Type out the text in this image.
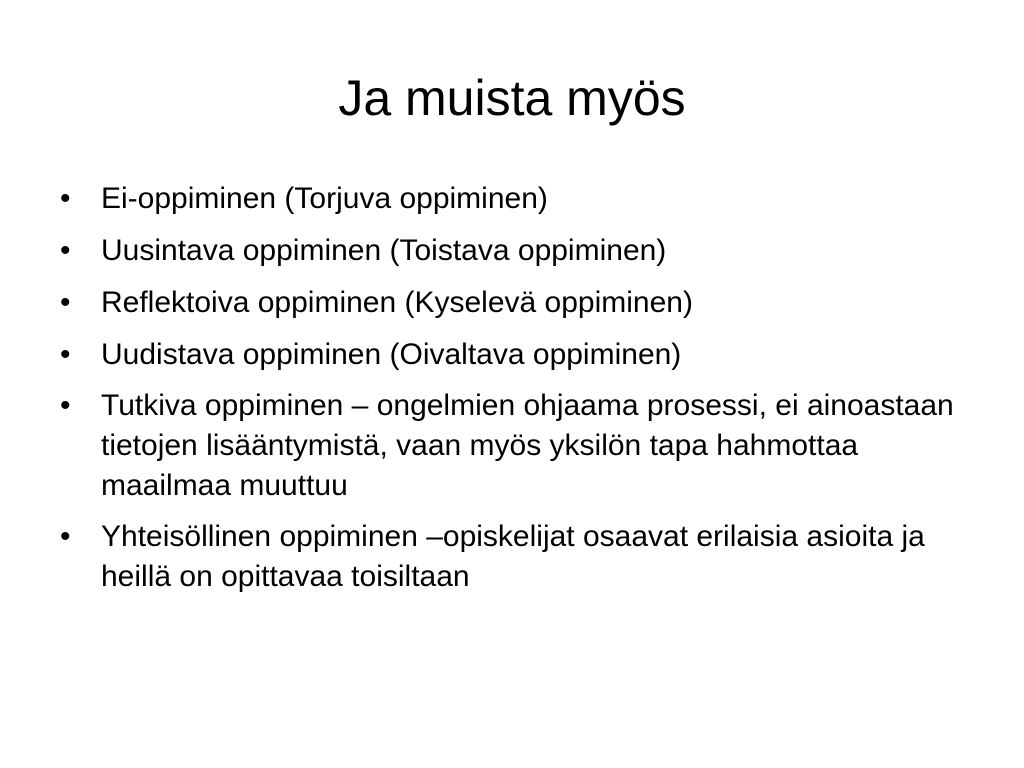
Ja muista myös
•	Ei-oppiminen (Torjuva oppiminen)
•	Uusintava oppiminen (Toistava oppiminen)
•	Reflektoiva oppiminen (Kyselevä oppiminen)
•	Uudistava oppiminen (Oivaltava oppiminen)
•	Tutkiva oppiminen – ongelmien ohjaama prosessi, ei ainoastaan tietojen lisääntymistä, vaan myös yksilön tapa hahmottaa maailmaa muuttuu
•	Yhteisöllinen oppiminen –opiskelijat osaavat erilaisia asioita ja heillä on opittavaa toisiltaan
